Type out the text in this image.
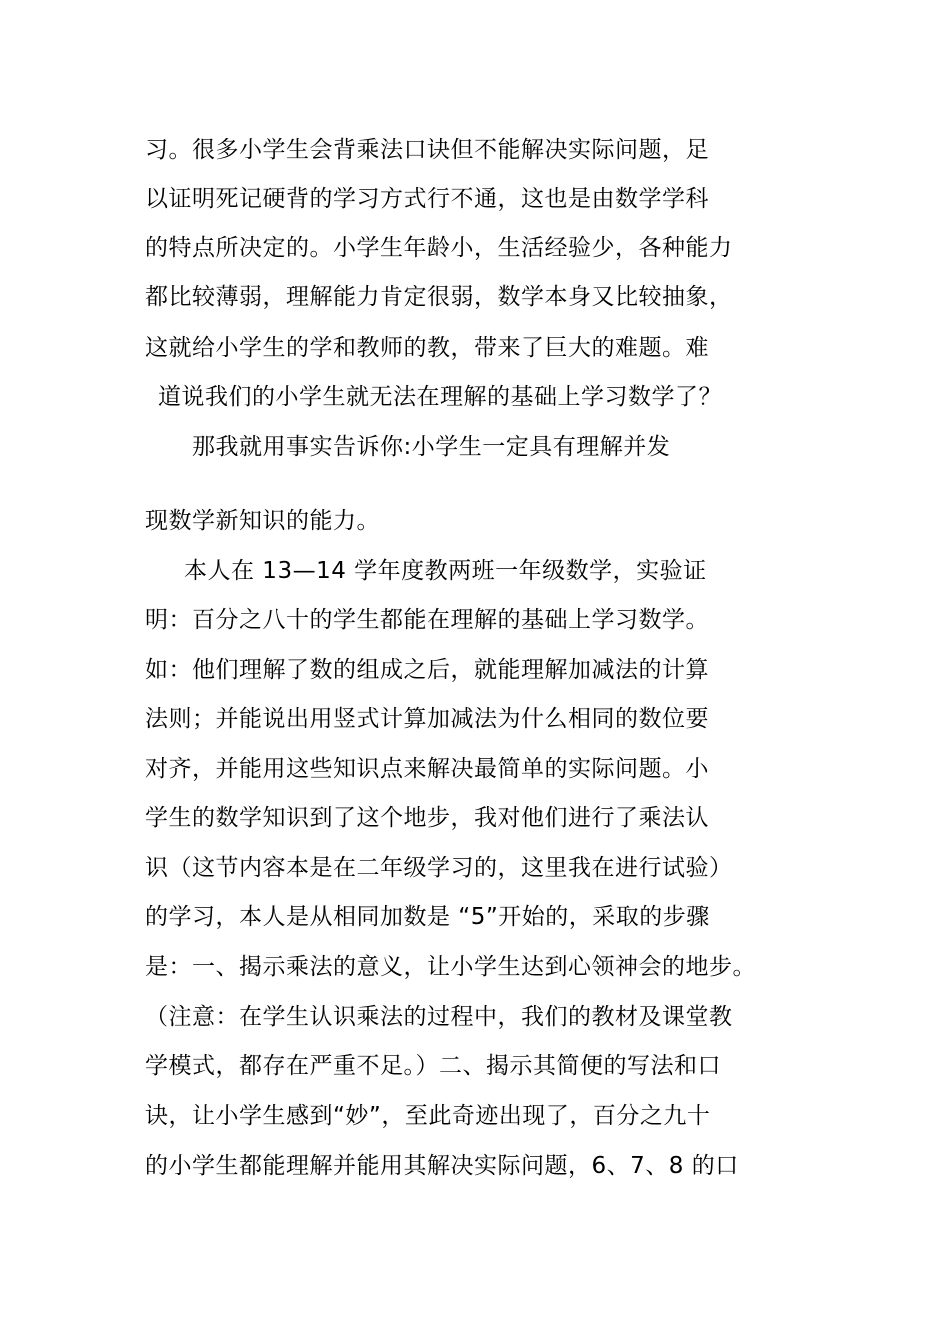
习。很多小学生会背乘法口诀但不能解决实际问题，足
以证明死记硬背的学习方式行不通，这也是由数学学科
的特点所决定的。小学生年龄小，生活经验少，各种能力
都比较薄弱，理解能力肯定很弱，数学本身又比较抽象，
这就给小学生的学和教师的教，带来了巨大的难题。难
道说我们的小学生就无法在理解的基础上学习数学了？
那我就用事实告诉你:小学生一定具有理解并发
现数学新知识的能力。
本人在 13—14 学年度教两班一年级数学，实验证
明：百分之八十的学生都能在理解的基础上学习数学。
如：他们理解了数的组成之后，就能理解加减法的计算
法则；并能说出用竖式计算加减法为什么相同的数位要
对齐，并能用这些知识点来解决最简单的实际问题。小
学生的数学知识到了这个地步，我对他们进行了乘法认
识（这节内容本是在二年级学习的，这里我在进行试验）
的学习，本人是从相同加数是 “5”开始的，采取的步骤
是：一、揭示乘法的意义，让小学生达到心领神会的地步。
（注意：在学生认识乘法的过程中，我们的教材及课堂教
学模式，都存在严重不足。）二、揭示其简便的写法和口
诀，让小学生感到“妙”，至此奇迹出现了，百分之九十
的小学生都能理解并能用其解决实际问题，6、7、8 的口
